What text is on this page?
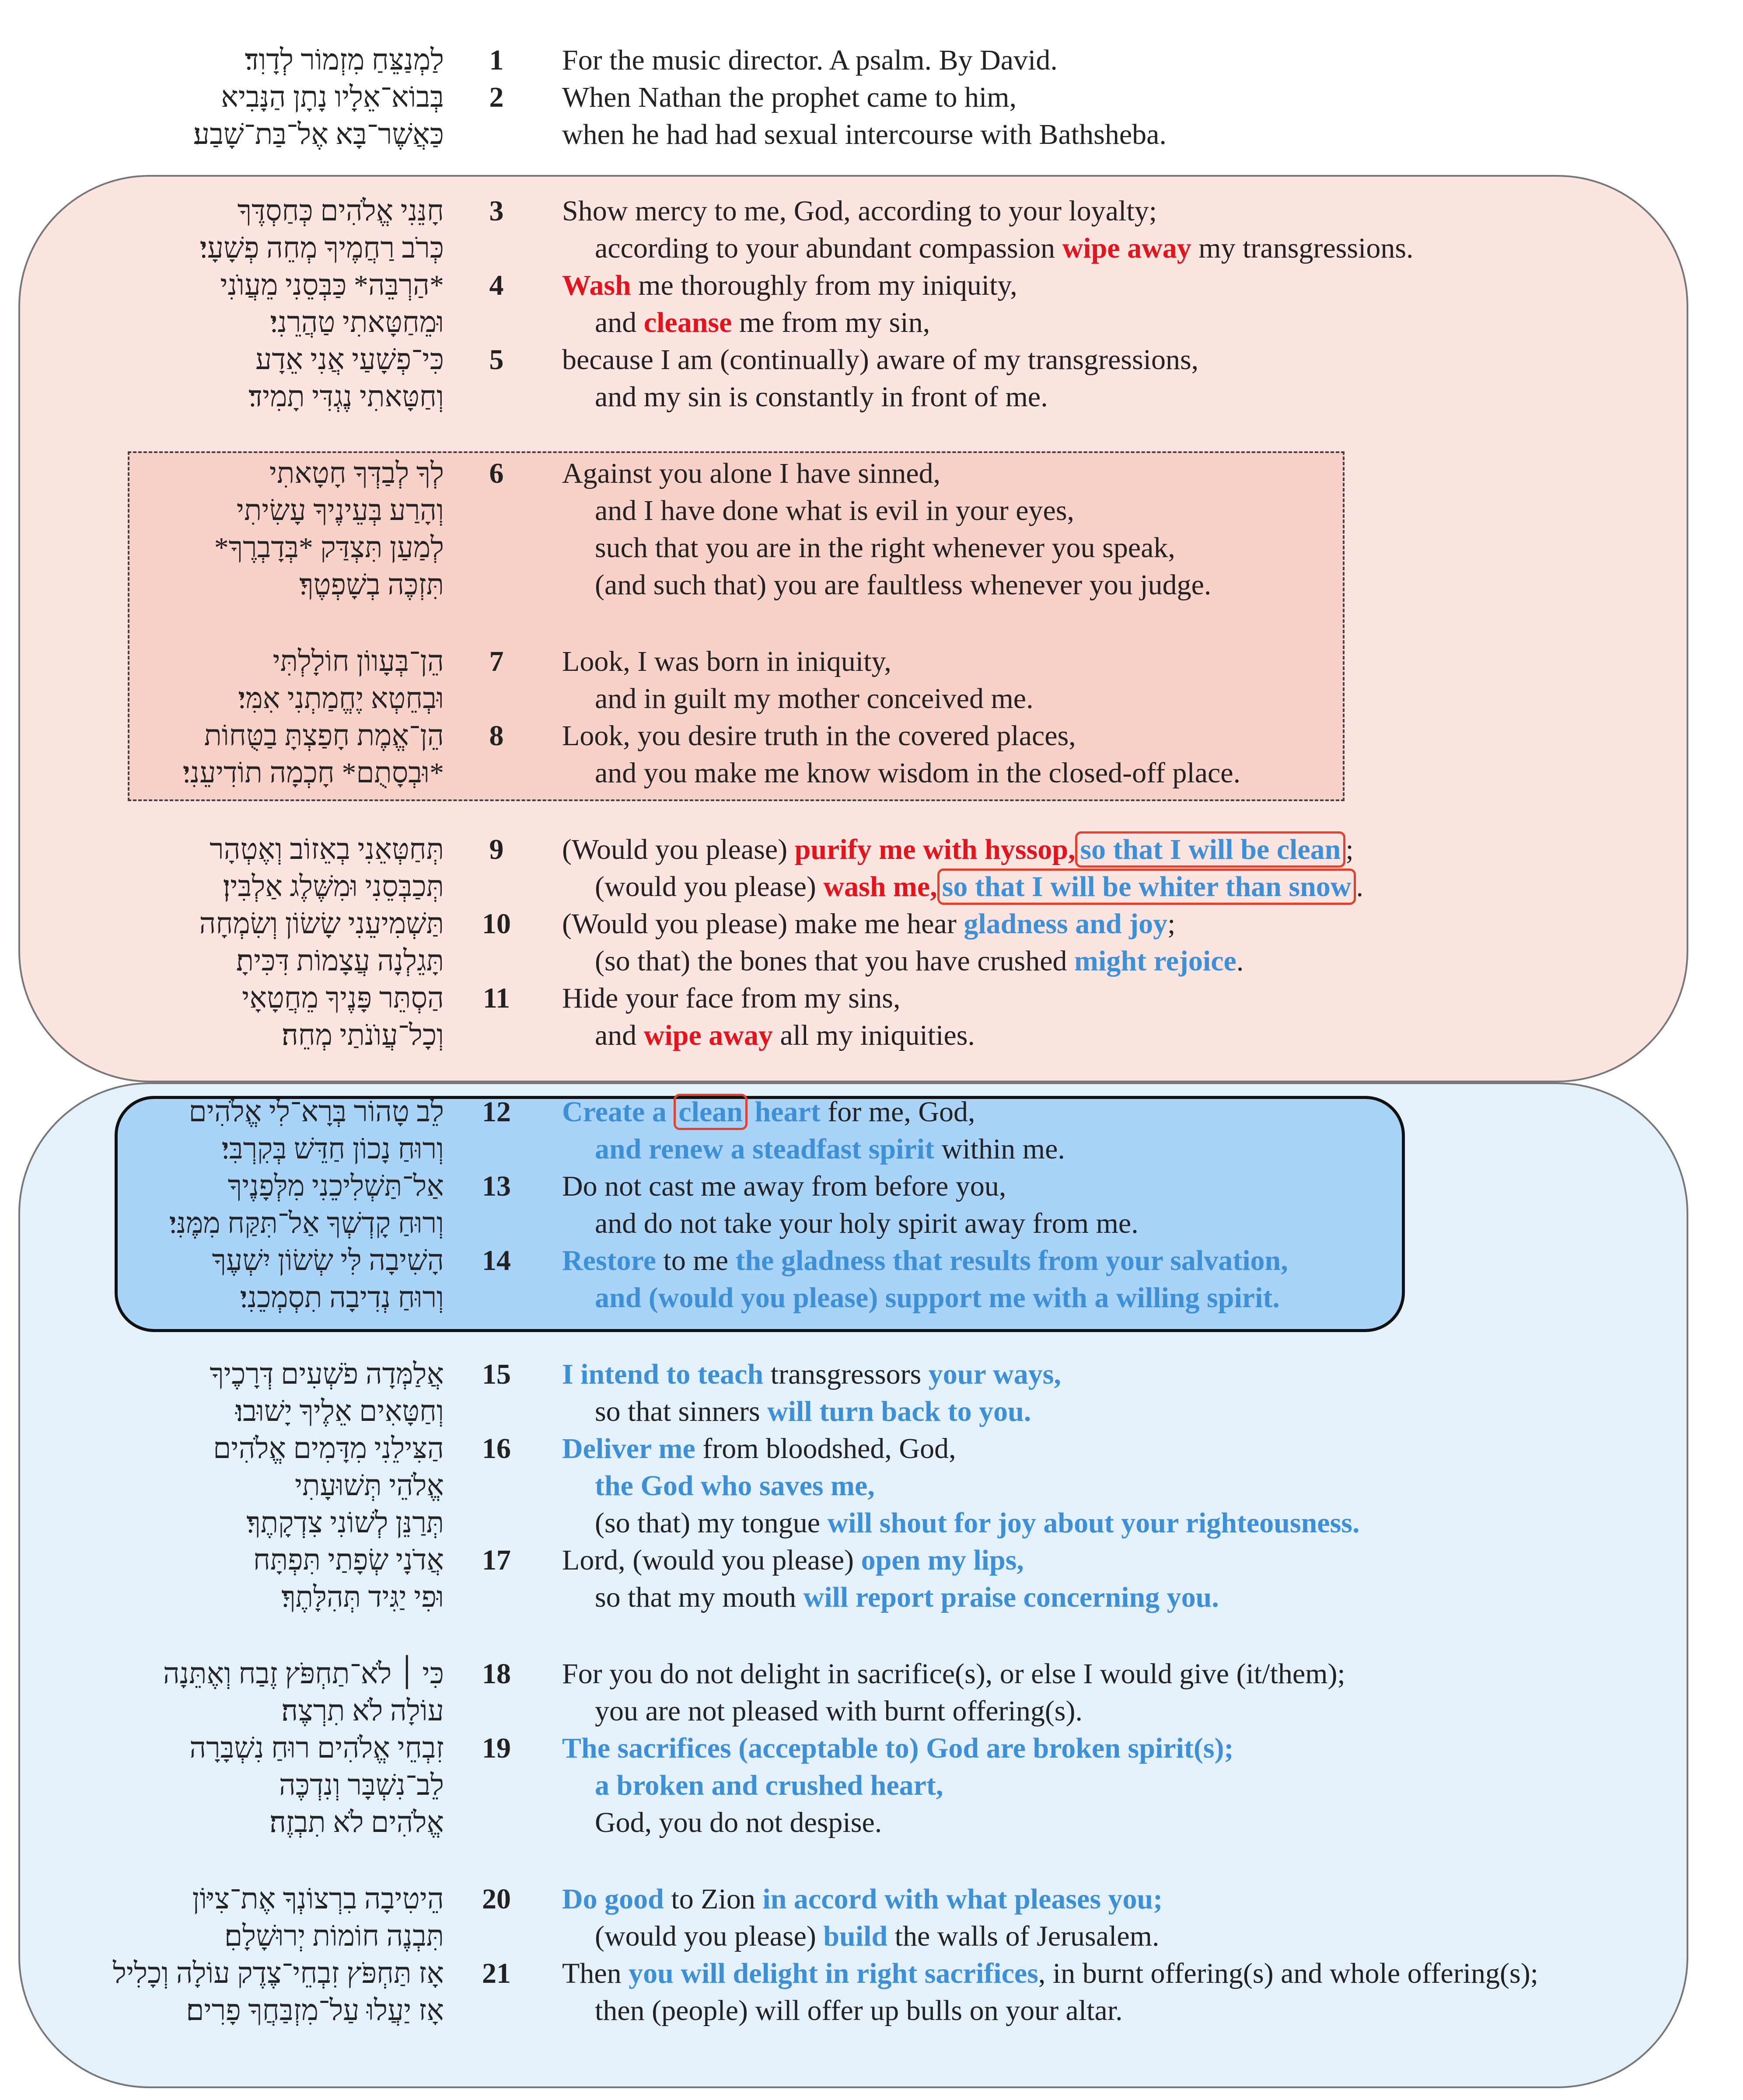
לַמְנַצֵּחַ מִזְמוֹר לְדָוִד׃	1	For the music director. A psalm. By David.
בְּבוֹא־אֵלָיו נָתָן הַנָּבִיא	2	When Nathan the prophet came to him,
כַּאֲשֶׁר־בָּא אֶל־בַּת־שָׁבַע׃	when he had had sexual intercourse with Bathsheba.
חָנֵּנִי אֱלֹהִים כְּחַסְדֶּךָ	3	Show mercy to me, God, according to your loyalty;
כְּרֹב רַחֲמֶיךָ מְחֵה פְשָׁעָי׃	according to your abundant compassion wipe away my transgressions.
*הַרְבֵּה* כַּבְּסֵנִי מֵעֲוֺנִי	4	Wash me thoroughly from my iniquity,
וּמֵחַטָּאתִי טַהֲרֵנִי׃	and cleanse me from my sin,
כִּי־פְשָׁעַי אֲנִי אֵדָע	5	because I am (continually) aware of my transgressions,
וְחַטָּאתִי נֶגְדִּי תָמִיד׃	and my sin is constantly in front of me.
לְךָ לְבַדְּךָ חָטָאתִי	6	Against you alone I have sinned,
וְהָרַע בְּעֵינֶיךָ עָשִׂיתִי	and I have done what is evil in your eyes,
לְמַעַן תִּצְדַּק *בְּדָבְרֶךָ*	such that you are in the right whenever you speak,
תִּזְכֶּה בְשָׁפְטֶךָ׃	(and such that) you are faultless whenever you judge.
הֵן־בְּעָווֹן חוֹלָלְתִּי	7	Look, I was born in iniquity,
וּבְחֵטְא יֶחֱמַתְנִי אִמִּי׃	and in guilt my mother conceived me.
הֵן־אֱמֶת חָפַצְתָּ בַטֻּחוֹת	8	Look, you desire truth in the covered places,
*וּבְסָתֻם* חָכְמָה תוֹדִיעֵנִי׃	and you make me know wisdom in the closed-off place.
תְּחַטְּאֵנִי בְאֵזוֹב וְאֶטְהָר	9	(Would you please) purify me with hyssop, so that I will be clean ;
תְּכַבְּסֵנִי וּמִשֶּׁלֶג אַלְבִּין׃	(would you please) wash me, so that I will be whiter than snow .
תַּשְׁמִיעֵנִי שָׂשׂוֹן וְשִׂמְחָה	10	(Would you please) make me hear gladness and joy;
תָּגֵלְנָה עֲצָמוֹת דִּכִּיתָ׃	(so that) the bones that you have crushed might rejoice.
הַסְתֵּר פָּנֶיךָ מֵחֲטָאָי	11	Hide your face from my sins,
וְכָל־עֲוֺנֹתַי מְחֵה׃	and wipe away all my iniquities.
לֵב טָהוֹר בְּרָא־לִי אֱלֹהִים	12	Create a clean heart for me, God,
וְרוּחַ נָכוֹן חַדֵּשׁ בְּקִרְבִּי׃	and renew a steadfast spirit within me.
אַל־תַּשְׁלִיכֵנִי מִלְּפָנֶיךָ	13	Do not cast me away from before you,
וְרוּחַ קָדְשְׁךָ אַל־תִּקַּח מִמֶּנִּי׃	and do not take your holy spirit away from me.
הָשִׁיבָה לִּי שְׂשׂוֹן יִשְׁעֶךָ	14	Restore to me the gladness that results from your salvation,
וְרוּחַ נְדִיבָה תִסְמְכֵנִי׃	and (would you please) support me with a willing spirit.
אֲלַמְּדָה פֹשְׁעִים דְּרָכֶיךָ	15	I intend to teach transgressors your ways,
וְחַטָּאִים אֵלֶיךָ יָשׁוּבוּ׃	so that sinners will turn back to you.
הַצִּילֵנִי מִדָּמִים אֱלֹהִים	16	Deliver me from bloodshed, God,
אֱלֹהֵי תְּשׁוּעָתִי	the God who saves me,
תְּרַנֵּן לְשׁוֹנִי צִדְקָתֶךָ׃	(so that) my tongue will shout for joy about your righteousness.
אֲדֹנָי שְׂפָתַי תִּפְתָּח	17	Lord, (would you please) open my lips,
וּפִי יַגִּיד תְּהִלָּתֶךָ׃	so that my mouth will report praise concerning you.
כִּי ׀ לֹא־תַחְפֹּץ זֶבַח וְאֶתֵּנָה	18	For you do not delight in sacrifice(s), or else I would give (it/them);
עוֹלָה לֹא תִרְצֶה׃	you are not pleased with burnt offering(s).
זִבְחֵי אֱלֹהִים רוּחַ נִשְׁבָּרָה	19	The sacrifices (acceptable to) God are broken spirit(s);
לֵב־נִשְׁבָּר וְנִדְכֶּה	a broken and crushed heart,
אֱלֹהִים לֹא תִבְזֶה׃	God, you do not despise.
הֵיטִיבָה בִרְצוֹנְךָ אֶת־צִיּוֹן	20	Do good to Zion in accord with what pleases you;
תִּבְנֶה חוֹמוֹת יְרוּשָׁלָםִ׃	(would you please) build the walls of Jerusalem.
אָז תַּחְפֹּץ זִבְחֵי־צֶדֶק עוֹלָה וְכָלִיל	21	Then you will delight in right sacrifices, in burnt offering(s) and whole offering(s);
אָז יַעֲלוּ עַל־מִזְבַּחֲךָ פָרִים׃	then (people) will offer up bulls on your altar.
